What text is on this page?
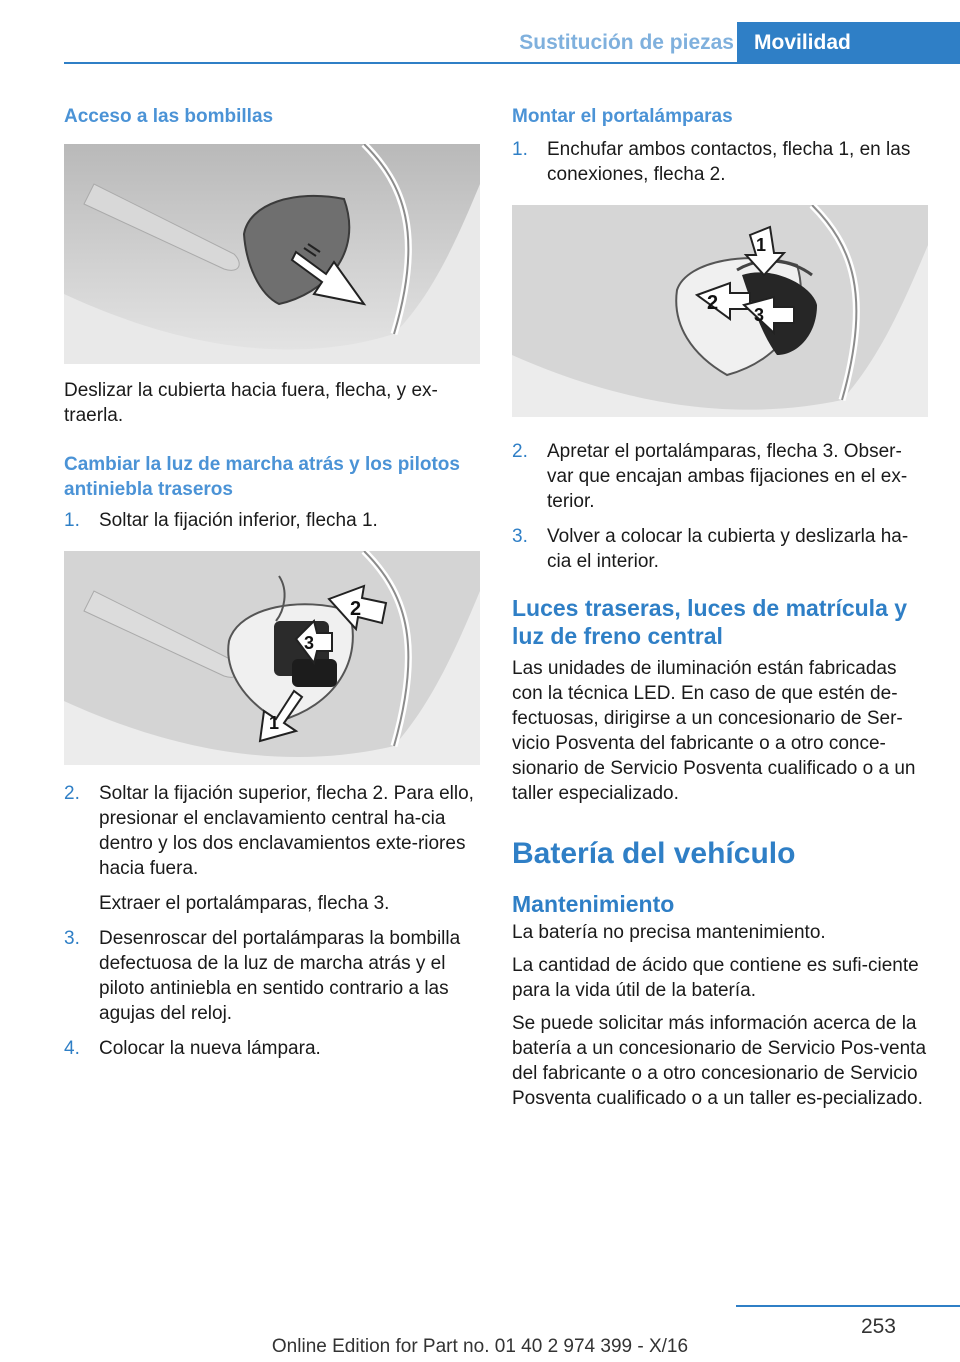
Sustitución de piezas Movilidad
Acceso a las bombillas
Deslizar la cubierta hacia fuera, flecha, y ex‐traerla.
Cambiar la luz de marcha atrás y los pilotos antiniebla traseros
1. Soltar la fijación inferior, flecha 1.
2
3
1
2. Soltar la fijación superior, flecha 2. Para ello, presionar el enclavamiento central ha‐cia dentro y los dos enclavamientos exte‐riores hacia fuera.
Extraer el portalámparas, flecha 3.
3. Desenroscar del portalámparas la bombilla defectuosa de la luz de marcha atrás y el piloto antiniebla en sentido contrario a las agujas del reloj.
4. Colocar la nueva lámpara.
Montar el portalámparas
1. Enchufar ambos contactos, flecha 1, en las conexiones, flecha 2.
1
2
3
2. Apretar el portalámparas, flecha 3. Obser‐var que encajan ambas fijaciones en el ex‐terior.
3. Volver a colocar la cubierta y deslizarla ha‐cia el interior.
Luces traseras, luces de matrícula y luz de freno central
Las unidades de iluminación están fabricadas con la técnica LED. En caso de que estén de‐fectuosas, dirigirse a un concesionario de Ser‐vicio Posventa del fabricante o a otro conce‐sionario de Servicio Posventa cualificado o a un taller especializado.
Batería del vehículo
Mantenimiento
La batería no precisa mantenimiento.
La cantidad de ácido que contiene es sufi‐ciente para la vida útil de la batería.
Se puede solicitar más información acerca de la batería a un concesionario de Servicio Pos‐venta del fabricante o a otro concesionario de Servicio Posventa cualificado o a un taller es‐pecializado.
253
Online Edition for Part no. 01 40 2 974 399 - X/16
